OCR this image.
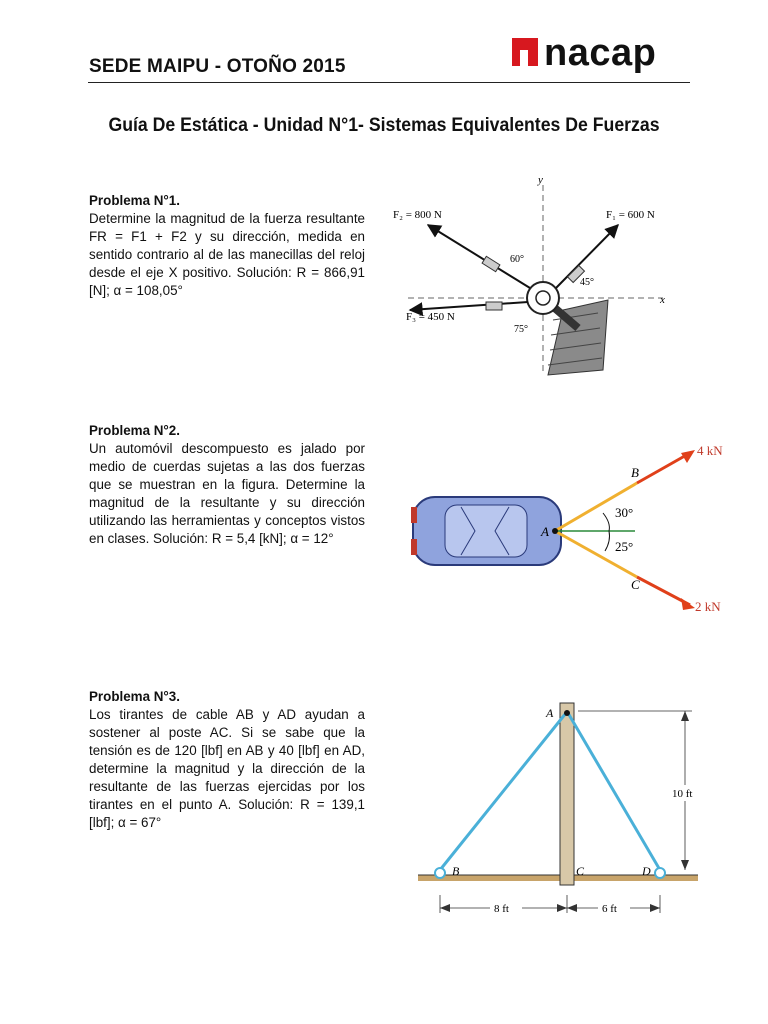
SEDE MAIPU - OTOÑO 2015	nacap
Guía De Estática - Unidad N°1- Sistemas Equivalentes De Fuerzas
Problema N°1.

Determine la magnitud de la fuerza resultante FR = F1 + F2 y su dirección, medida en sentido contrario al de las manecillas del reloj desde el eje X positivo. Solución: R = 866,91 [N]; α = 108,05°

y
x
F₂ = 800 N	F₁ = 600 N
F₃ = 450 N
60°
45°
75°
Problema N°2.

Un automóvil descompuesto es jalado por medio de cuerdas sujetas a las dos fuerzas que se muestran en la figura. Determine la magnitud de la resultante y su dirección utilizando las herramientas y conceptos vistos en clases. Solución: R = 5,4 [kN]; α = 12°

4 kN
2 kN
B
C
A
30°
25°
Problema N°3.

Los tirantes de cable AB y AD ayudan a sostener al poste AC. Si se sabe que la tensión es de 120 [lbf] en AB y 40 [lbf] en AD, determine la magnitud y la dirección de la resultante de las fuerzas ejercidas por los tirantes en el punto A. Solución: R = 139,1 [lbf]; α = 67°

A
B	C	D
10 ft
8 ft	6 ft
